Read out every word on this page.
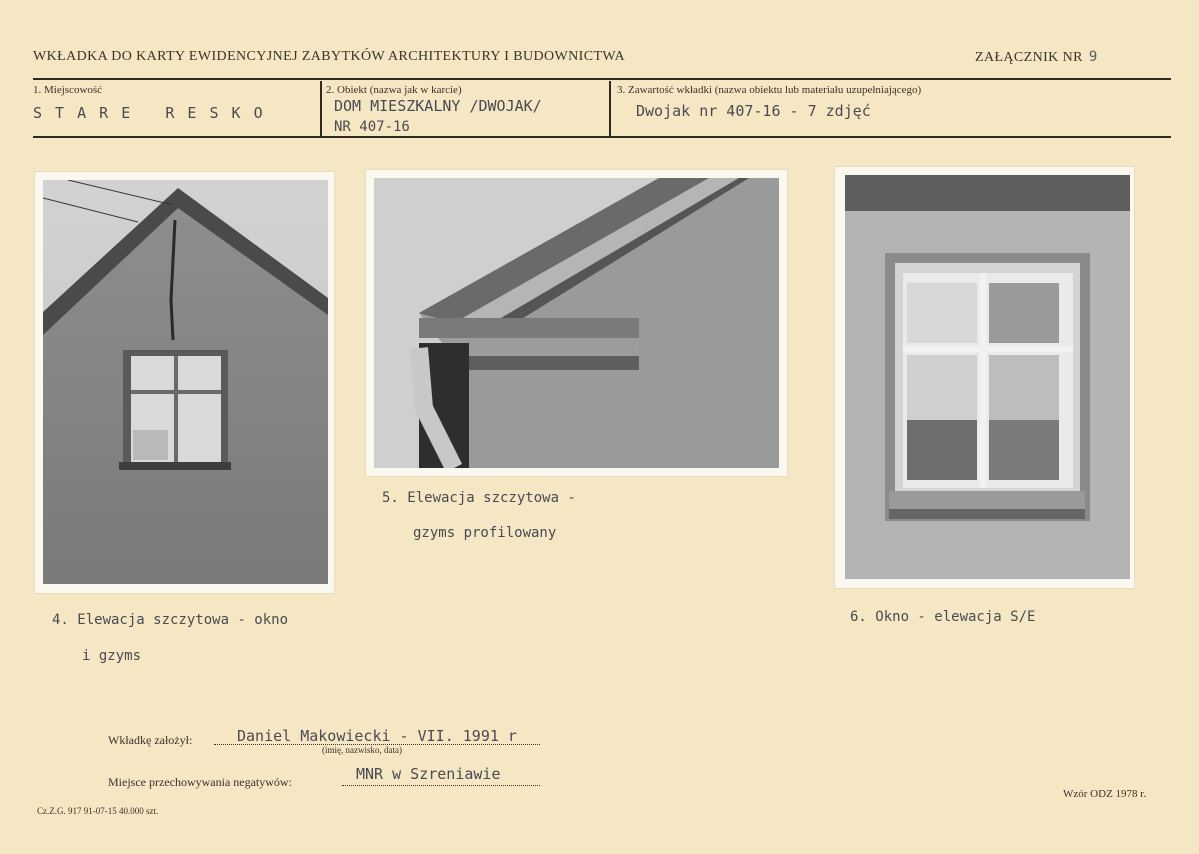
WKŁADKA DO KARTY EWIDENCYJNEJ ZABYTKÓW ARCHITEKTURY I BUDOWNICTWA	ZAŁĄCZNIK NR 9
1. Miejscowość
S T A R E   R E S K O
2. Obiekt (nazwa jak w karcie)
DOM MIESZKALNY /DWOJAK/
NR 407-16
3. Zawartość wkładki (nazwa obiektu lub materiału uzupełniającego)
Dwojak nr 407-16 - 7 zdjęć
4. Elewacja szczytowa - okno
i gzyms
5. Elewacja szczytowa -
gzyms profilowany
6. Okno - elewacja S/E
Wkładkę założył:	Daniel Makowiecki - VII. 1991 r
(imię, nazwisko, data)
Miejsce przechowywania negatywów:	MNR w Szreniawie
Cz.Z.G. 917 91-07-15 40.000 szt.
Wzór ODZ 1978 r.
